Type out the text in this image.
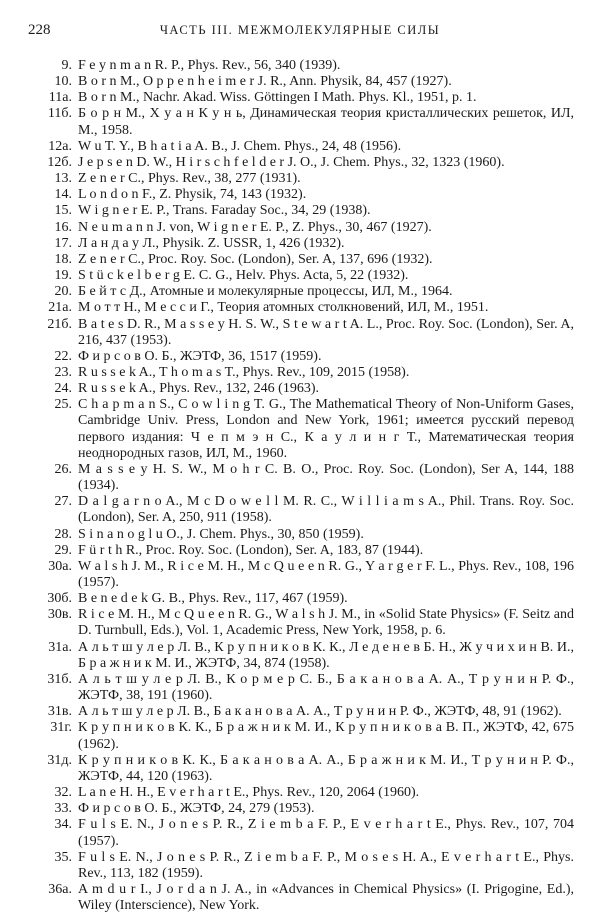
228	ЧАСТЬ III. МЕЖМОЛЕКУЛЯРНЫЕ СИЛЫ
9. F e y n m a n R. P., Phys. Rev., 56, 340 (1939).
10. B o r n M., O p p e n h e i m e r J. R., Ann. Physik, 84, 457 (1927).
11а. B o r n M., Nachr. Akad. Wiss. Göttingen I Math. Phys. Kl., 1951, p. 1.
11б. Б о р н М., Х у а н К у н ь, Динамическая теория кристаллических решеток, ИЛ, М., 1958.
12а. W u T. Y., B h a t i a A. B., J. Chem. Phys., 24, 48 (1956).
12б. J e p s e n D. W., H i r s c h f e l d e r J. O., J. Chem. Phys., 32, 1323 (1960).
13. Z e n e r C., Phys. Rev., 38, 277 (1931).
14. L o n d o n F., Z. Physik, 74, 143 (1932).
15. W i g n e r E. P., Trans. Faraday Soc., 34, 29 (1938).
16. N e u m a n n J. von, W i g n e r E. P., Z. Phys., 30, 467 (1927).
17. Л а н д а у Л., Physik. Z. USSR, 1, 426 (1932).
18. Z e n e r C., Proc. Roy. Soc. (London), Ser. A, 137, 696 (1932).
19. S t ü c k e l b e r g E. C. G., Helv. Phys. Acta, 5, 22 (1932).
20. Б е й т с Д., Атомные и молекулярные процессы, ИЛ, М., 1964.
21а. М о т т Н., М е с с и Г., Теория атомных столкновений, ИЛ, М., 1951.
21б. B a t e s D. R., M a s s e y H. S. W., S t e w a r t A. L., Proc. Roy. Soc. (London), Ser. A, 216, 437 (1953).
22. Ф и р с о в О. Б., ЖЭТФ, 36, 1517 (1959).
23. R u s s e k A., T h o m a s T., Phys. Rev., 109, 2015 (1958).
24. R u s s e k A., Phys. Rev., 132, 246 (1963).
25. C h a p m a n S., C o w l i n g T. G., The Mathematical Theory of Non-Uniform Gases, Cambridge Univ. Press, London and New York, 1961; имеется русский перевод первого издания: Ч е п м э н С., К а у л и н г Т., Математическая теория неоднородных газов, ИЛ, М., 1960.
26. M a s s e y H. S. W., M o h r C. B. O., Proc. Roy. Soc. (London), Ser A, 144, 188 (1934).
27. D a l g a r n o A., M c D o w e l l M. R. C., W i l l i a m s A., Phil. Trans. Roy. Soc. (London), Ser. A, 250, 911 (1958).
28. S i n a n o g l u O., J. Chem. Phys., 30, 850 (1959).
29. F ü r t h R., Proc. Roy. Soc. (London), Ser. A, 183, 87 (1944).
30а. W a l s h J. M., R i c e M. H., M c Q u e e n R. G., Y a r g e r F. L., Phys. Rev., 108, 196 (1957).
30б. B e n e d e k G. B., Phys. Rev., 117, 467 (1959).
30в. R i c e M. H., M c Q u e e n R. G., W a l s h J. M., in «Solid State Physics» (F. Seitz and D. Turnbull, Eds.), Vol. 1, Academic Press, New York, 1958, p. 6.
31а. А л ь т ш у л е р Л. В., К р у п н и к о в К. К., Л е д е н е в Б. Н., Ж у ч и х и н В. И., Б р а ж н и к М. И., ЖЭТФ, 34, 874 (1958).
31б. А л ь т ш у л е р Л. В., К о р м е р С. Б., Б а к а н о в а А. А., Т р у н и н Р. Ф., ЖЭТФ, 38, 191 (1960).
31в. А л ь т ш у л е р Л. В., Б а к а н о в а А. А., Т р у н и н Р. Ф., ЖЭТФ, 48, 91 (1962).
31г. К р у п н и к о в К. К., Б р а ж н и к М. И., К р у п н и к о в а В. П., ЖЭТФ, 42, 675 (1962).
31д. К р у п н и к о в К. К., Б а к а н о в а А. А., Б р а ж н и к М. И., Т р у н и н Р. Ф., ЖЭТФ, 44, 120 (1963).
32. L a n e H. H., E v e r h a r t E., Phys. Rev., 120, 2064 (1960).
33. Ф и р с о в О. Б., ЖЭТФ, 24, 279 (1953).
34. F u l s E. N., J o n e s P. R., Z i e m b a F. P., E v e r h a r t E., Phys. Rev., 107, 704 (1957).
35. F u l s E. N., J o n e s P. R., Z i e m b a F. P., M o s e s H. A., E v e r h a r t E., Phys. Rev., 113, 182 (1959).
36а. A m d u r I., J o r d a n J. A., in «Advances in Chemical Physics» (I. Prigogine, Ed.), Wiley (Interscience), New York.
